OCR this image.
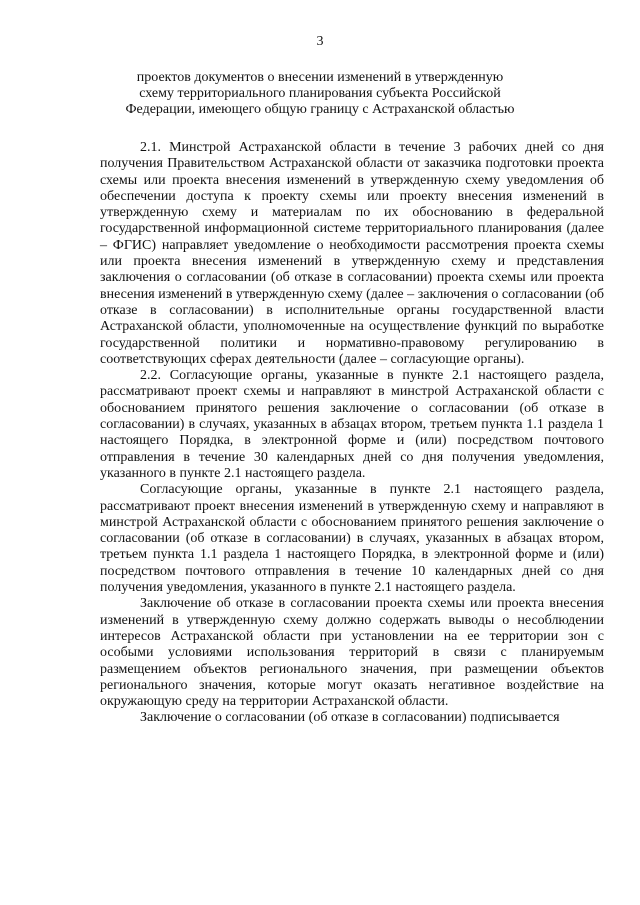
3
проектов документов о внесении изменений в утвержденную схему территориального планирования субъекта Российской Федерации, имеющего общую границу с Астраханской областью

2.1. Минстрой Астраханской области в течение 3 рабочих дней со дня получения Правительством Астраханской области от заказчика подготовки проекта схемы или проекта внесения изменений в утвержденную схему уведомления об обеспечении доступа к проекту схемы или проекту внесения изменений в утвержденную схему и материалам по их обоснованию в федеральной государственной информационной системе территориального планирования (далее – ФГИС) направляет уведомление о необходимости рассмотрения проекта схемы или проекта внесения изменений в утвержденную схему и представления заключения о согласовании (об отказе в согласовании) проекта схемы или проекта внесения изменений в утвержденную схему (далее – заключения о согласовании (об отказе в согласовании) в исполнительные органы государственной власти Астраханской области, уполномоченные на осуществление функций по выработке государственной политики и нормативно-правовому регулированию в соответствующих сферах деятельности (далее – согласующие органы).

2.2. Согласующие органы, указанные в пункте 2.1 настоящего раздела, рассматривают проект схемы и направляют в минстрой Астраханской области с обоснованием принятого решения заключение о согласовании (об отказе в согласовании) в случаях, указанных в абзацах втором, третьем пункта 1.1 раздела 1 настоящего Порядка, в электронной форме и (или) посредством почтового отправления в течение 30 календарных дней со дня получения уведомления, указанного в пункте 2.1 настоящего раздела.

Согласующие органы, указанные в пункте 2.1 настоящего раздела, рассматривают проект внесения изменений в утвержденную схему и направляют в минстрой Астраханской области с обоснованием принятого решения заключение о согласовании (об отказе в согласовании) в случаях, указанных в абзацах втором, третьем пункта 1.1 раздела 1 настоящего Порядка, в электронной форме и (или) посредством почтового отправления в течение 10 календарных дней со дня получения уведомления, указанного в пункте 2.1 настоящего раздела.

Заключение об отказе в согласовании проекта схемы или проекта внесения изменений в утвержденную схему должно содержать выводы о несоблюдении интересов Астраханской области при установлении на ее территории зон с особыми условиями использования территорий в связи с планируемым размещением объектов регионального значения, при размещении объектов регионального значения, которые могут оказать негативное воздействие на окружающую среду на территории Астраханской области.

Заключение о согласовании (об отказе в согласовании) подписывается
